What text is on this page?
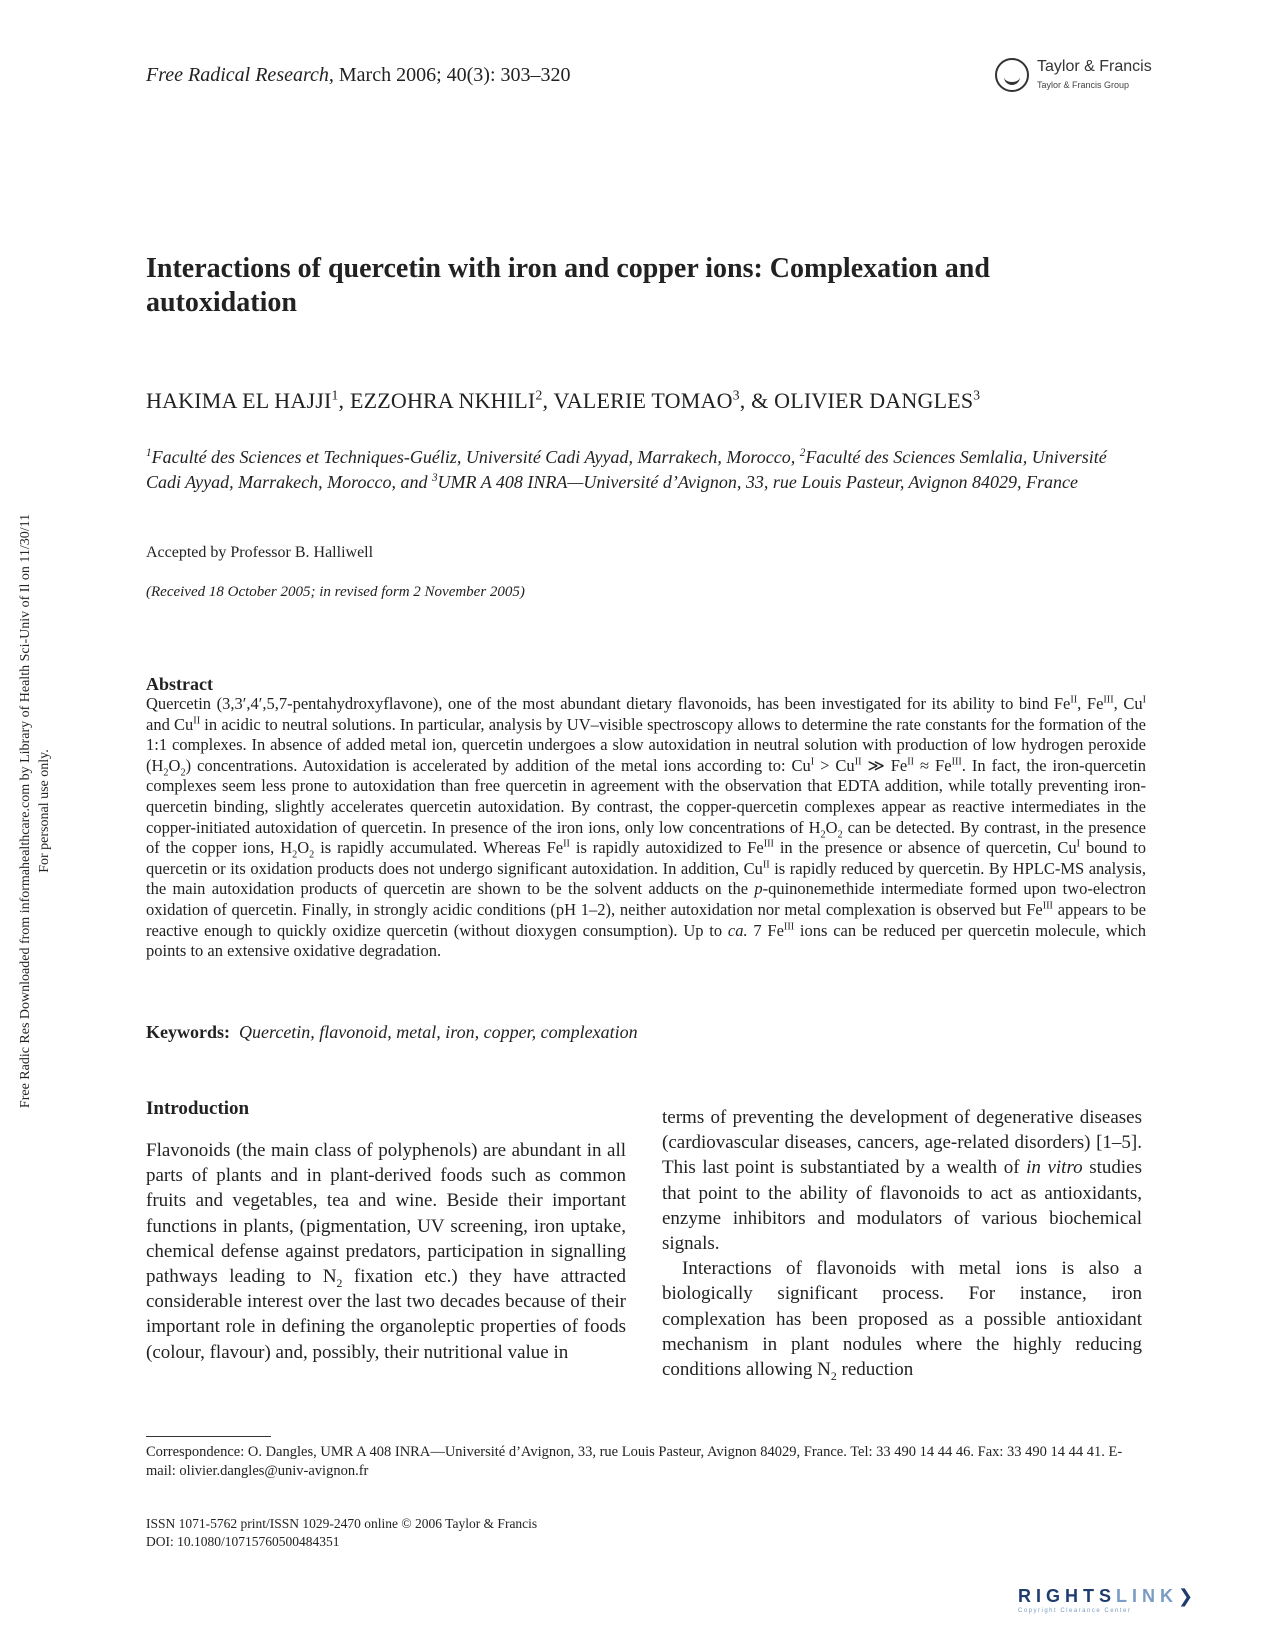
Free Radical Research, March 2006; 40(3): 303–320	Taylor & Francis
Taylor & Francis Group
Interactions of quercetin with iron and copper ions: Complexation and autoxidation
HAKIMA EL HAJJI$^1$, EZZOHRA NKHILI$^2$, VALERIE TOMAO$^3$, & OLIVIER DANGLES$^3$
$^1$Faculté des Sciences et Techniques-Guéliz, Université Cadi Ayyad, Marrakech, Morocco, $^2$Faculté des Sciences Semlalia, Université Cadi Ayyad, Marrakech, Morocco, and $^3$UMR A 408 INRA—Université d’Avignon, 33, rue Louis Pasteur, Avignon 84029, France
Accepted by Professor B. Halliwell
(Received 18 October 2005; in revised form 2 November 2005)
Abstract
Quercetin (3,3′,4′,5,7-pentahydroxyflavone), one of the most abundant dietary flavonoids, has been investigated for its ability to bind $Fe^{II}$, $Fe^{III}$, $Cu^I$ and $Cu^{II}$ in acidic to neutral solutions. In particular, analysis by UV–visible spectroscopy allows to determine the rate constants for the formation of the 1:1 complexes. In absence of added metal ion, quercetin undergoes a slow autoxidation in neutral solution with production of low hydrogen peroxide $(H_2O_2)$ concentrations. Autoxidation is accelerated by addition of the metal ions according to: $Cu^I > Cu^{II}$ ≫ $Fe^{II} \approx Fe^{III}$. In fact, the iron-quercetin complexes seem less prone to autoxidation than free quercetin in agreement with the observation that EDTA addition, while totally preventing iron-quercetin binding, slightly accelerates quercetin autoxidation. By contrast, the copper-quercetin complexes appear as reactive intermediates in the copper-initiated autoxidation of quercetin. In presence of the iron ions, only low concentrations of $H_2O_2$ can be detected. By contrast, in the presence of the copper ions, $H_2O_2$ is rapidly accumulated. Whereas $Fe^{II}$ is rapidly autoxidized to $Fe^{III}$ in the presence or absence of quercetin, $Cu^I$ bound to quercetin or its oxidation products does not undergo significant autoxidation. In addition, $Cu^{II}$ is rapidly reduced by quercetin. By HPLC-MS analysis, the main autoxidation products of quercetin are shown to be the solvent adducts on the p-quinonemethide intermediate formed upon two-electron oxidation of quercetin. Finally, in strongly acidic conditions (pH 1–2), neither autoxidation nor metal complexation is observed but $Fe^{III}$ appears to be reactive enough to quickly oxidize quercetin (without dioxygen consumption). Up to ca. 7 $Fe^{III}$ ions can be reduced per quercetin molecule, which points to an extensive oxidative degradation.
Keywords: Quercetin, flavonoid, metal, iron, copper, complexation
Introduction

Flavonoids (the main class of polyphenols) are abundant in all parts of plants and in plant-derived foods such as common fruits and vegetables, tea and wine. Beside their important functions in plants, (pigmentation, UV screening, iron uptake, chemical defense against predators, participation in signalling pathways leading to $N_2$ fixation etc.) they have attracted considerable interest over the last two decades because of their important role in defining the organoleptic properties of foods (colour, flavour) and, possibly, their nutritional value in

terms of preventing the development of degenerative diseases (cardiovascular diseases, cancers, age-related disorders) [1–5]. This last point is substantiated by a wealth of in vitro studies that point to the ability of flavonoids to act as antioxidants, enzyme inhibitors and modulators of various biochemical signals.

Interactions of flavonoids with metal ions is also a biologically significant process. For instance, iron complexation has been proposed as a possible antioxidant mechanism in plant nodules where the highly reducing conditions allowing $N_2$ reduction

Correspondence: O. Dangles, UMR A 408 INRA—Université d’Avignon, 33, rue Louis Pasteur, Avignon 84029, France. Tel: 33 490 14 44 46. Fax: 33 490 14 44 41. E-mail: olivier.dangles@univ-avignon.fr
ISSN 1071-5762 print/ISSN 1029-2470 online © 2006 Taylor & Francis
DOI: 10.1080/10715760500484351
Free Radic Res Downloaded from informahealthcare.com by Library of Health Sci-Univ of Il on 11/30/11 For personal use only.
RIGHTSLINK❯
Copyright Clearance Center
